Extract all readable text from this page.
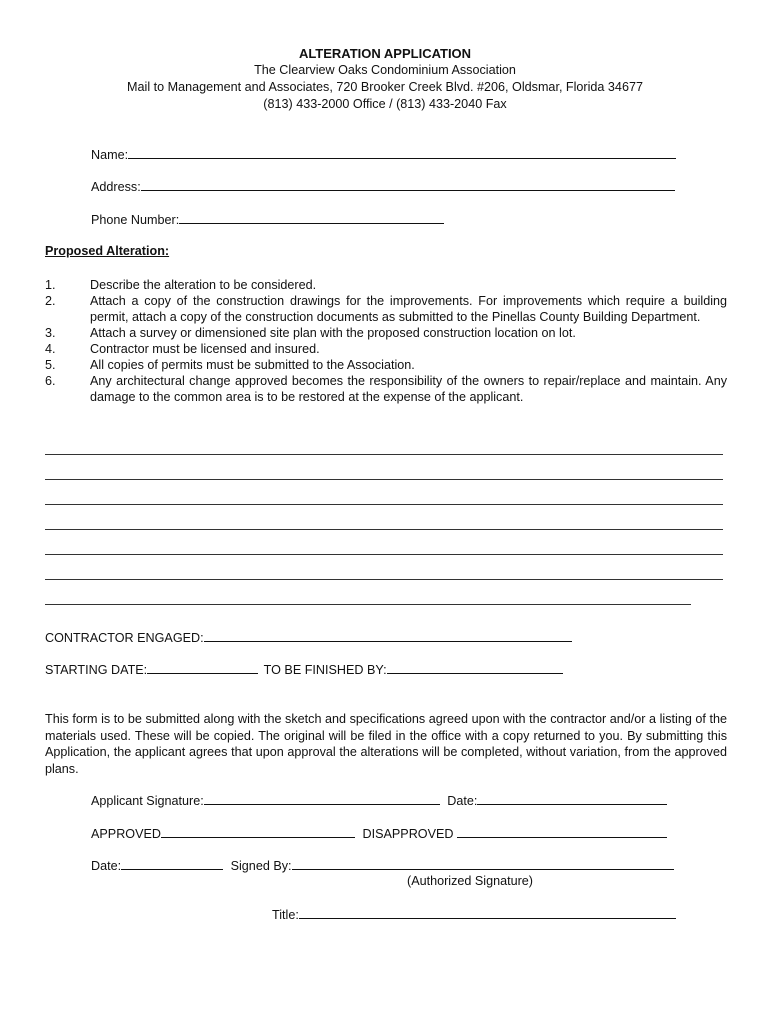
ALTERATION APPLICATION
The Clearview Oaks Condominium Association
Mail to Management and Associates, 720 Brooker Creek Blvd. #206, Oldsmar, Florida 34677
(813) 433-2000 Office / (813) 433-2040 Fax
Name:
Address:
Phone Number:
Proposed Alteration:
1.	Describe the alteration to be considered.
2.	Attach a copy of the construction drawings for the improvements. For improvements which require a building permit, attach a copy of the construction documents as submitted to the Pinellas County Building Department.
3.	Attach a survey or dimensioned site plan with the proposed construction location on lot.
4.	Contractor must be licensed and insured.
5.	All copies of permits must be submitted to the Association.
6.	Any architectural change approved becomes the responsibility of the owners to repair/replace and maintain. Any damage to the common area is to be restored at the expense of the applicant.
CONTRACTOR ENGAGED:
STARTING DATE:	TO BE FINISHED BY:
This form is to be submitted along with the sketch and specifications agreed upon with the contractor and/or a listing of the materials used. These will be copied. The original will be filed in the office with a copy returned to you. By submitting this Application, the applicant agrees that upon approval the alterations will be completed, without variation, from the approved plans.
Applicant Signature:	Date:
APPROVED	DISAPPROVED
Date:	Signed By:
(Authorized Signature)
Title:
